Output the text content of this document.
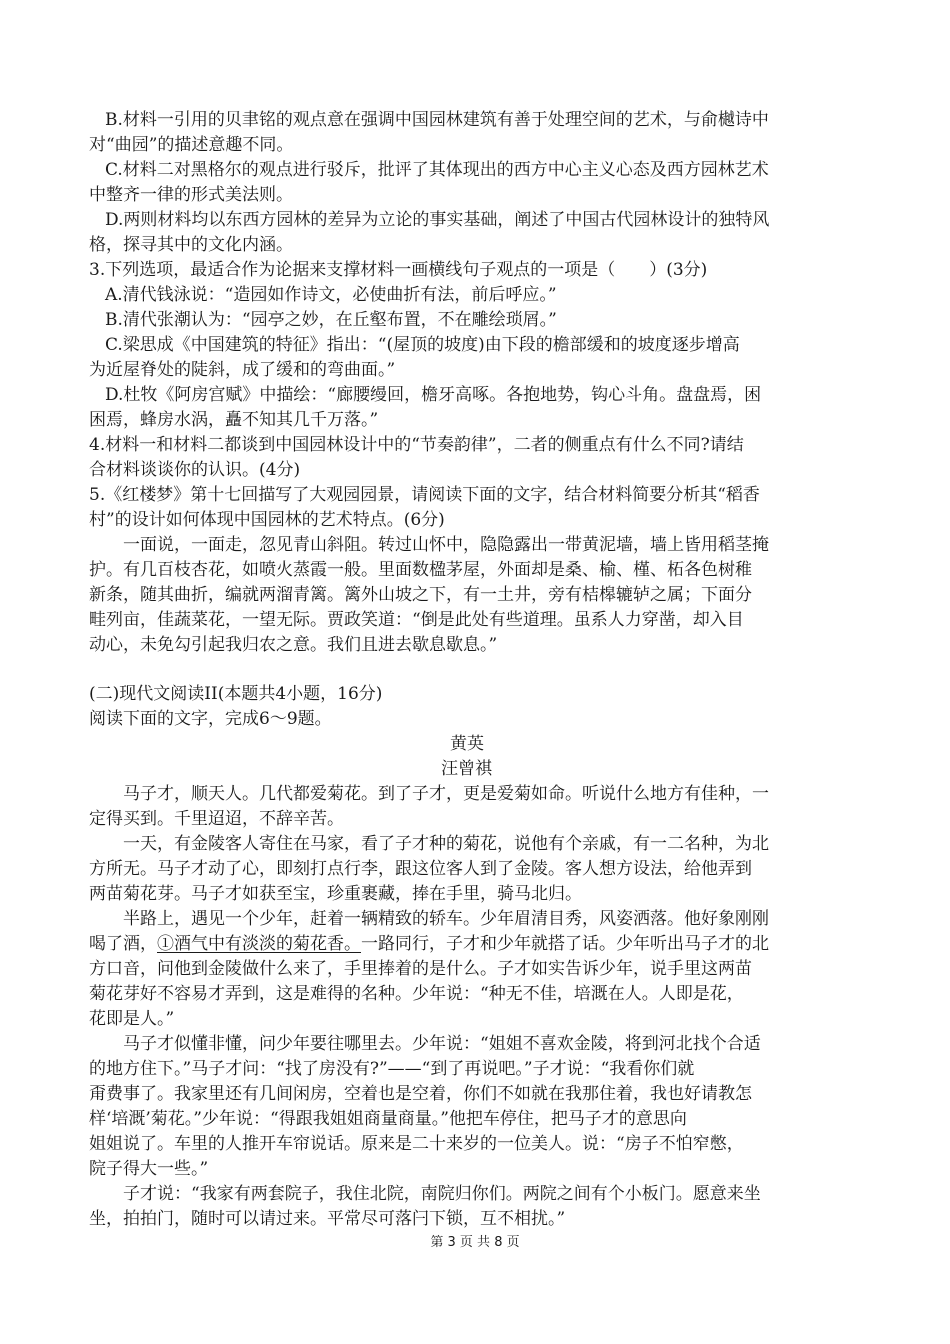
B.材料一引用的贝聿铭的观点意在强调中国园林建筑有善于处理空间的艺术，与俞樾诗中
对“曲园”的描述意趣不同。
C.材料二对黑格尔的观点进行驳斥，批评了其体现出的西方中心主义心态及西方园林艺术
中整齐一律的形式美法则。
D.两则材料均以东西方园林的差异为立论的事实基础，阐述了中国古代园林设计的独特风
格，探寻其中的文化内涵。
3.下列选项，最适合作为论据来支撑材料一画横线句子观点的一项是（　　）(3分)
A.清代钱泳说：“造园如作诗文，必使曲折有法，前后呼应。”
B.清代张潮认为：“园亭之妙，在丘壑布置，不在雕绘琐屑。”
C.梁思成《中国建筑的特征》指出：“(屋顶的坡度)由下段的檐部缓和的坡度逐步增高
为近屋脊处的陡斜，成了缓和的弯曲面。”
D.杜牧《阿房宫赋》中描绘：“廊腰缦回，檐牙高啄。各抱地势，钩心斗角。盘盘焉，困
困焉，蜂房水涡，矗不知其几千万落。”
4.材料一和材料二都谈到中国园林设计中的“节奏韵律”，二者的侧重点有什么不同?请结
合材料谈谈你的认识。(4分)
5.《红楼梦》第十七回描写了大观园园景，请阅读下面的文字，结合材料简要分析其“稻香
村”的设计如何体现中国园林的艺术特点。(6分)
一面说，一面走，忽见青山斜阻。转过山怀中，隐隐露出一带黄泥墙，墙上皆用稻茎掩
护。有几百枝杏花，如喷火蒸霞一般。里面数楹茅屋，外面却是桑、榆、槿、柘各色树稚
新条，随其曲折，编就两溜青篱。篱外山坡之下，有一土井，旁有桔槔辘轳之属；下面分
畦列亩，佳蔬菜花，一望无际。贾政笑道：“倒是此处有些道理。虽系人力穿凿，却入目
动心，未免勾引起我归农之意。我们且进去歇息歇息。”
(二)现代文阅读II(本题共4小题，16分)
阅读下面的文字，完成6～9题。
黄英
汪曾祺
马子才，顺天人。几代都爱菊花。到了子才，更是爱菊如命。听说什么地方有佳种，一
定得买到。千里迢迢，不辞辛苦。
一天，有金陵客人寄住在马家，看了子才种的菊花，说他有个亲戚，有一二名种，为北
方所无。马子才动了心，即刻打点行李，跟这位客人到了金陵。客人想方设法，给他弄到
两苗菊花芽。马子才如获至宝，珍重裹藏，捧在手里，骑马北归。
半路上，遇见一个少年，赶着一辆精致的轿车。少年眉清目秀，风姿洒落。他好象刚刚
喝了酒，①酒气中有淡淡的菊花香。一路同行，子才和少年就搭了话。少年听出马子才的北
方口音，问他到金陵做什么来了，手里捧着的是什么。子才如实告诉少年，说手里这两苗
菊花芽好不容易才弄到，这是难得的名种。少年说：“种无不佳，培溉在人。人即是花，
花即是人。”
马子才似懂非懂，问少年要往哪里去。少年说：“姐姐不喜欢金陵，将到河北找个合适
的地方住下。”马子才问：“找了房没有?”——“到了再说吧。”子才说：“我看你们就
甭费事了。我家里还有几间闲房，空着也是空着，你们不如就在我那住着，我也好请教怎
样‘培溉’菊花。”少年说：“得跟我姐姐商量商量。”他把车停住，把马子才的意思向
姐姐说了。车里的人推开车帘说话。原来是二十来岁的一位美人。说：“房子不怕窄憋，
院子得大一些。”
子才说：“我家有两套院子，我住北院，南院归你们。两院之间有个小板门。愿意来坐
坐，拍拍门，随时可以请过来。平常尽可落闩下锁，互不相扰。”
第 3 页 共 8 页
